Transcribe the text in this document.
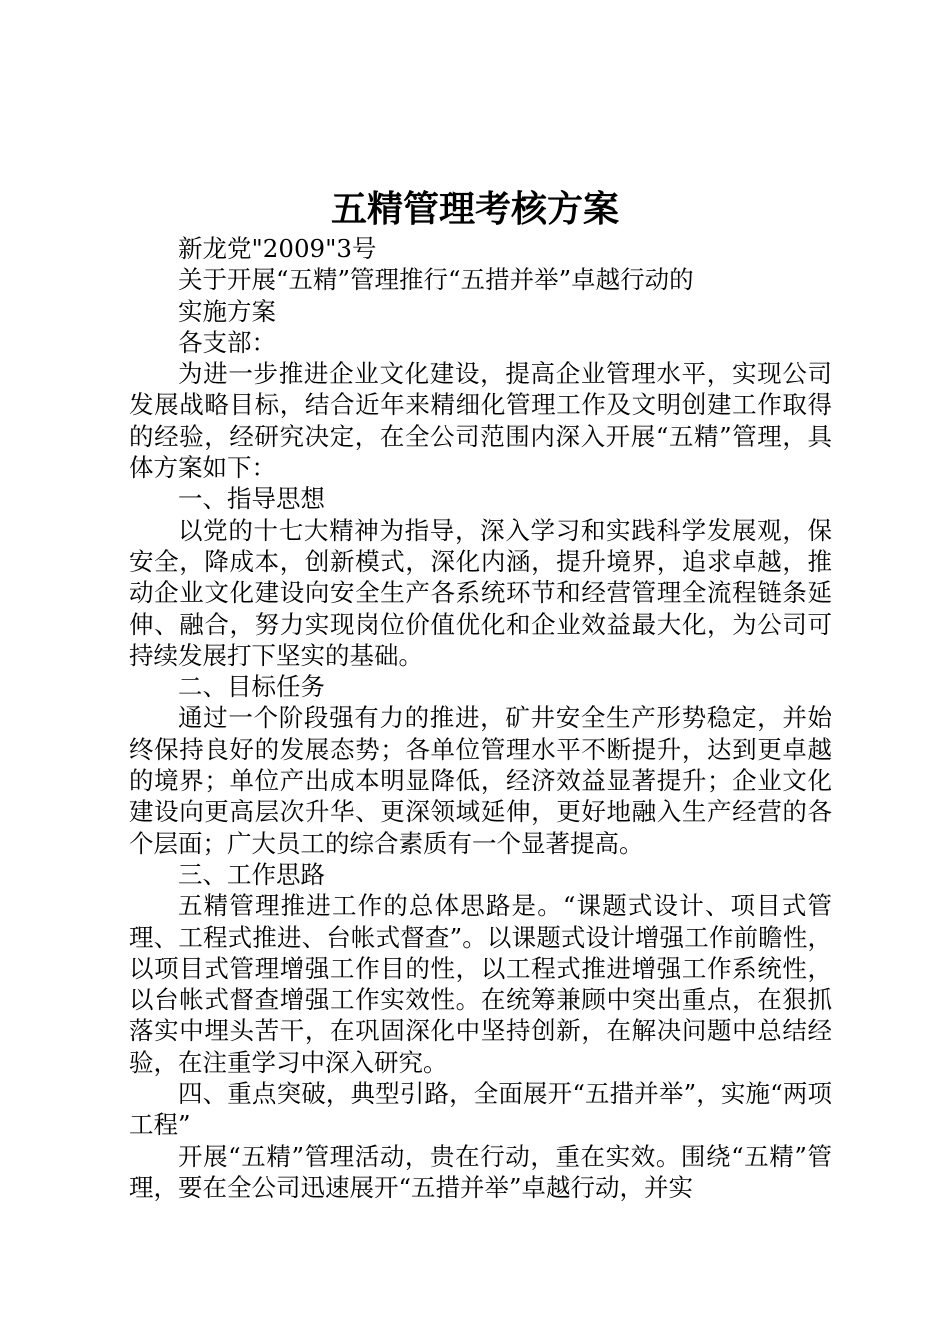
五精管理考核方案

新龙党"2009"3号

关于开展“五精”管理推行“五措并举”卓越行动的

实施方案

各支部：

为进一步推进企业文化建设，提高企业管理水平，实现公司发展战略目标，结合近年来精细化管理工作及文明创建工作取得的经验，经研究决定，在全公司范围内深入开展“五精”管理，具体方案如下：

一、指导思想

以党的十七大精神为指导，深入学习和实践科学发展观，保安全，降成本，创新模式，深化内涵，提升境界，追求卓越，推动企业文化建设向安全生产各系统环节和经营管理全流程链条延伸、融合，努力实现岗位价值优化和企业效益最大化，为公司可持续发展打下坚实的基础。

二、目标任务

通过一个阶段强有力的推进，矿井安全生产形势稳定，并始终保持良好的发展态势；各单位管理水平不断提升，达到更卓越的境界；单位产出成本明显降低，经济效益显著提升；企业文化建设向更高层次升华、更深领域延伸，更好地融入生产经营的各个层面；广大员工的综合素质有一个显著提高。

三、工作思路

五精管理推进工作的总体思路是。“课题式设计、项目式管理、工程式推进、台帐式督查”。以课题式设计增强工作前瞻性，以项目式管理增强工作目的性，以工程式推进增强工作系统性，以台帐式督查增强工作实效性。在统筹兼顾中突出重点，在狠抓落实中埋头苦干，在巩固深化中坚持创新，在解决问题中总结经验，在注重学习中深入研究。

四、重点突破，典型引路，全面展开“五措并举”，实施“两项工程”

开展“五精”管理活动，贵在行动，重在实效。围绕“五精”管理，要在全公司迅速展开“五措并举”卓越行动，并实
